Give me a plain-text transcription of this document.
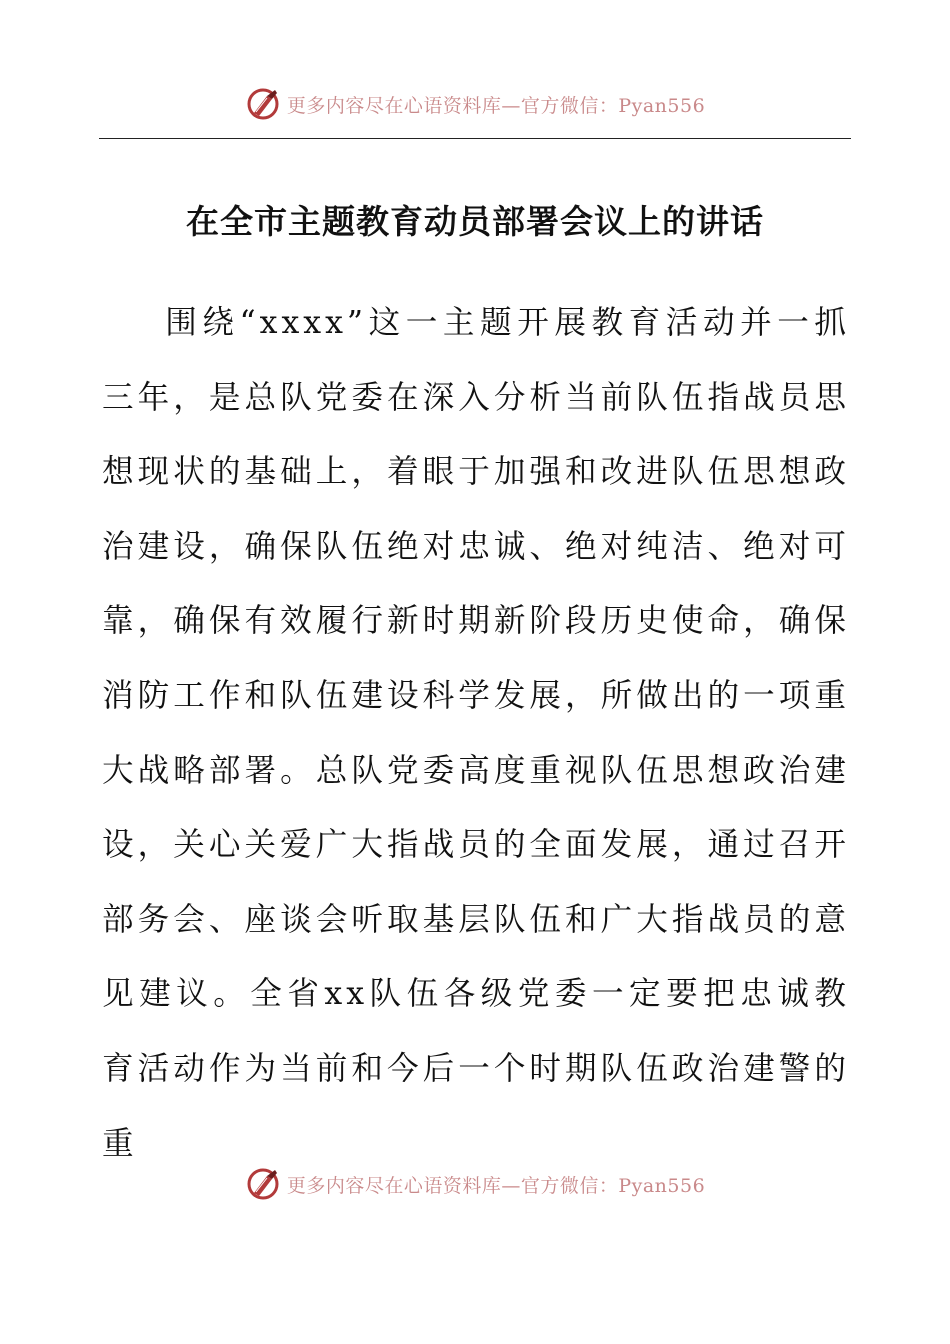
更多内容尽在心语资料库—官方微信：Pyan556
在全市主题教育动员部署会议上的讲话

围绕“xxxx”这一主题开展教育活动并一抓三年，是总队党委在深入分析当前队伍指战员思想现状的基础上，着眼于加强和改进队伍思想政治建设，确保队伍绝对忠诚、绝对纯洁、绝对可靠，确保有效履行新时期新阶段历史使命，确保消防工作和队伍建设科学发展，所做出的一项重大战略部署。总队党委高度重视队伍思想政治建设，关心关爱广大指战员的全面发展，通过召开部务会、座谈会听取基层队伍和广大指战员的意见建议。全省xx队伍各级党委一定要把忠诚教育活动作为当前和今后一个时期队伍政治建警的重

更多内容尽在心语资料库—官方微信：Pyan556
